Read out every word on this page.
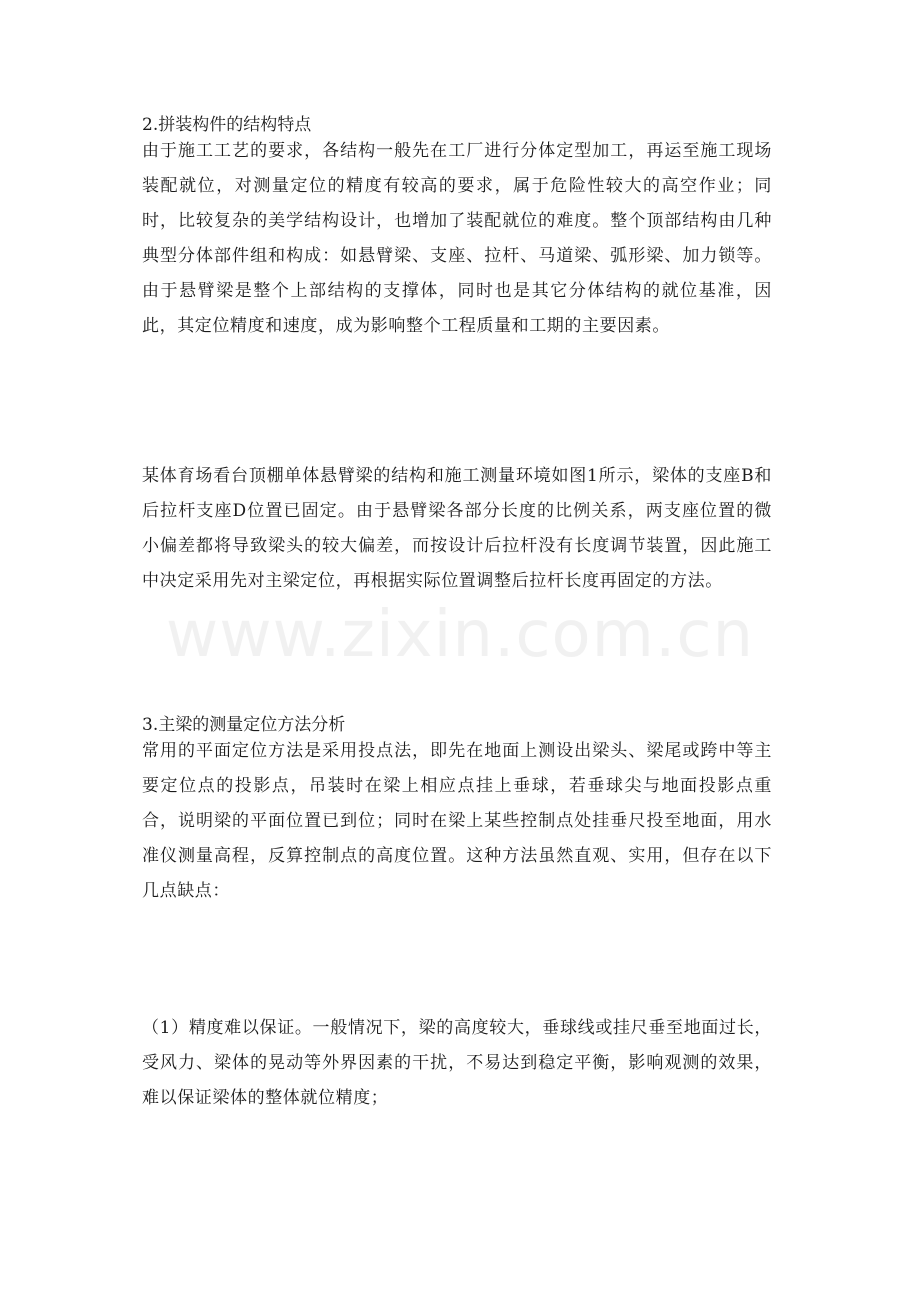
www.zixin.com.cn
2.拼装构件的结构特点
由于施工工艺的要求，各结构一般先在工厂进行分体定型加工，再运至施工现场装配就位，对测量定位的精度有较高的要求，属于危险性较大的高空作业；同时，比较复杂的美学结构设计，也增加了装配就位的难度。整个顶部结构由几种典型分体部件组和构成：如悬臂梁、支座、拉杆、马道梁、弧形梁、加力锁等。由于悬臂梁是整个上部结构的支撑体，同时也是其它分体结构的就位基准，因此，其定位精度和速度，成为影响整个工程质量和工期的主要因素。
某体育场看台顶棚单体悬臂梁的结构和施工测量环境如图1所示，梁体的支座B和后拉杆支座D位置已固定。由于悬臂梁各部分长度的比例关系，两支座位置的微小偏差都将导致梁头的较大偏差，而按设计后拉杆没有长度调节装置，因此施工中决定采用先对主梁定位，再根据实际位置调整后拉杆长度再固定的方法。
3.主梁的测量定位方法分析
常用的平面定位方法是采用投点法，即先在地面上测设出梁头、梁尾或跨中等主要定位点的投影点，吊装时在梁上相应点挂上垂球，若垂球尖与地面投影点重合，说明梁的平面位置已到位；同时在梁上某些控制点处挂垂尺投至地面，用水准仪测量高程，反算控制点的高度位置。这种方法虽然直观、实用，但存在以下几点缺点：
（1）精度难以保证。一般情况下，梁的高度较大，垂球线或挂尺垂至地面过长，受风力、梁体的晃动等外界因素的干扰，不易达到稳定平衡，影响观测的效果，难以保证梁体的整体就位精度；
